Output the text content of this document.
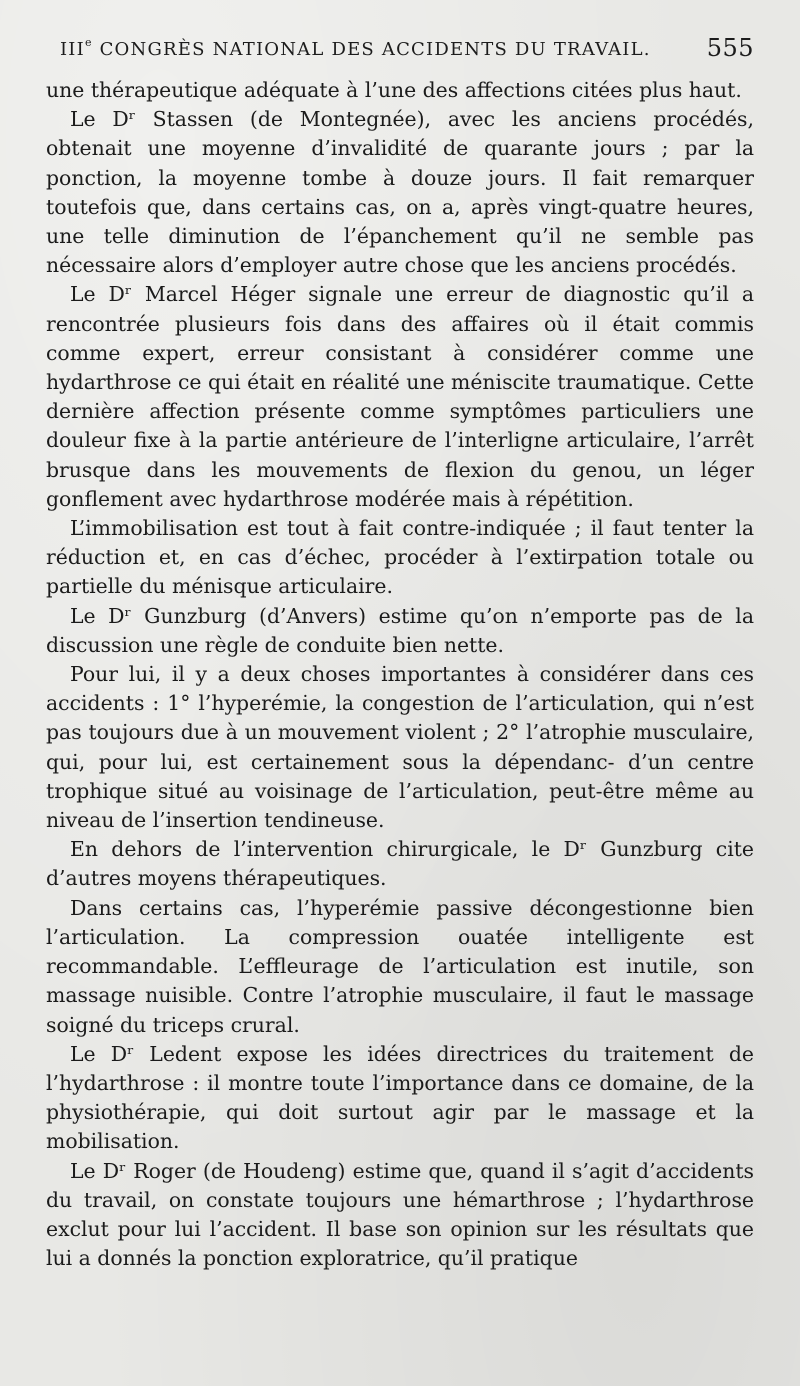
IIIe CONGRÈS NATIONAL DES ACCIDENTS DU TRAVAIL. 555

une thérapeutique adéquate à l’une des affections citées plus haut.

Le Dʳ Stassen (de Montegnée), avec les anciens procédés, obtenait une moyenne d’invalidité de quarante jours ; par la ponction, la moyenne tombe à douze jours. Il fait remarquer toutefois que, dans certains cas, on a, après vingt-quatre heures, une telle diminution de l’épanchement qu’il ne semble pas nécessaire alors d’employer autre chose que les anciens procédés.

Le Dʳ Marcel Héger signale une erreur de diagnostic qu’il a rencontrée plusieurs fois dans des affaires où il était commis comme expert, erreur consistant à considérer comme une hydarthrose ce qui était en réalité une méniscite traumatique. Cette dernière affection présente comme symptômes particuliers une douleur fixe à la partie antérieure de l’interligne articulaire, l’arrêt brusque dans les mouvements de flexion du genou, un léger gonflement avec hydarthrose modérée mais à répétition.

L’immobilisation est tout à fait contre-indiquée ; il faut tenter la réduction et, en cas d’échec, procéder à l’extirpation totale ou partielle du ménisque articulaire.

Le Dʳ Gunzburg (d’Anvers) estime qu’on n’emporte pas de la discussion une règle de conduite bien nette.

Pour lui, il y a deux choses importantes à considérer dans ces accidents : 1° l’hyperémie, la congestion de l’articulation, qui n’est pas toujours due à un mouvement violent ; 2° l’atrophie musculaire, qui, pour lui, est certainement sous la dépendanc- d’un centre trophique situé au voisinage de l’articulation, peut-être même au niveau de l’insertion tendineuse.

En dehors de l’intervention chirurgicale, le Dʳ Gunzburg cite d’autres moyens thérapeutiques.

Dans certains cas, l’hyperémie passive décongestionne bien l’articulation. La compression ouatée intelligente est recommandable. L’effleurage de l’articulation est inutile, son massage nuisible. Contre l’atrophie musculaire, il faut le massage soigné du triceps crural.

Le Dʳ Ledent expose les idées directrices du traitement de l’hydarthrose : il montre toute l’importance dans ce domaine, de la physiothérapie, qui doit surtout agir par le massage et la mobilisation.

Le Dʳ Roger (de Houdeng) estime que, quand il s’agit d’accidents du travail, on constate toujours une hémarthrose ; l’hydarthrose exclut pour lui l’accident. Il base son opinion sur les résultats que lui a donnés la ponction exploratrice, qu’il pratique
